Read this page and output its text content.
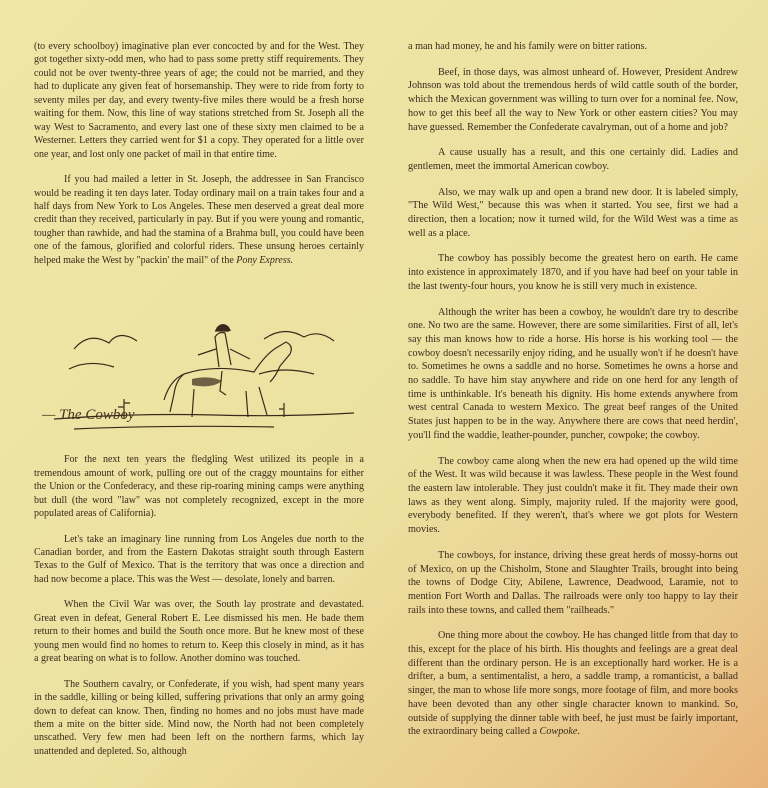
(to every schoolboy) imaginative plan ever concocted by and for the West. They got together sixty-odd men, who had to pass some pretty stiff requirements. They could not be over twenty-three years of age; the could not be married, and they had to duplicate any given feat of horsemanship. They were to ride from forty to seventy miles per day, and every twenty-five miles there would be a fresh horse waiting for them. Now, this line of way stations stretched from St. Joseph all the way West to Sacramento, and every last one of these sixty men claimed to be a Westerner. Letters they carried went for $1 a copy. They operated for a little over one year, and lost only one packet of mail in that entire time.

If you had mailed a letter in St. Joseph, the addressee in San Francisco would be reading it ten days later. Today ordinary mail on a train takes four and a half days from New York to Los Angeles. These men deserved a great deal more credit than they received, particularly in pay. But if you were young and romantic, tougher than rawhide, and had the stamina of a Brahma bull, you could have been one of the famous, glorified and colorful riders. These unsung heroes certainly helped make the West by "packin' the mail" of the Pony Express.

— The Cowboy

For the next ten years the fledgling West utilized its people in a tremendous amount of work, pulling ore out of the craggy mountains for either the Union or the Confederacy, and these rip-roaring mining camps were anything but dull (the word "law" was not completely recognized, except in the more populated areas of California).

Let's take an imaginary line running from Los Angeles due north to the Canadian border, and from the Eastern Dakotas straight south through Eastern Texas to the Gulf of Mexico. That is the territory that was once a direction and had now become a place. This was the West — desolate, lonely and barren.

When the Civil War was over, the South lay prostrate and devastated. Great even in defeat, General Robert E. Lee dismissed his men. He bade them return to their homes and build the South once more. But he knew most of these young men would find no homes to return to. Keep this closely in mind, as it has a great bearing on what is to follow. Another domino was touched.

The Southern cavalry, or Confederate, if you wish, had spent many years in the saddle, killing or being killed, suffering privations that only an army going down to defeat can know. Then, finding no homes and no jobs must have made them a mite on the bitter side. Mind now, the North had not been completely unscathed. Very few men had been left on the northern farms, which lay unattended and depleted. So, although

a man had money, he and his family were on bitter rations.

Beef, in those days, was almost unheard of. However, President Andrew Johnson was told about the tremendous herds of wild cattle south of the border, which the Mexican government was willing to turn over for a nominal fee. Now, how to get this beef all the way to New York or other eastern cities? You may have guessed. Remember the Confederate cavalryman, out of a home and job?

A cause usually has a result, and this one certainly did. Ladies and gentlemen, meet the immortal American cowboy.

Also, we may walk up and open a brand new door. It is labeled simply, "The Wild West," because this was when it started. You see, first we had a direction, then a location; now it turned wild, for the Wild West was a time as well as a place.

The cowboy has possibly become the greatest hero on earth. He came into existence in approximately 1870, and if you have had beef on your table in the last twenty-four hours, you know he is still very much in existence.

Although the writer has been a cowboy, he wouldn't dare try to describe one. No two are the same. However, there are some similarities. First of all, let's say this man knows how to ride a horse. His horse is his working tool — the cowboy doesn't necessarily enjoy riding, and he usually won't if he doesn't have to. Sometimes he owns a saddle and no horse. Sometimes he owns a horse and no saddle. To have him stay anywhere and ride on one herd for any length of time is unthinkable. It's beneath his dignity. His home extends anywhere from west central Canada to western Mexico. The great beef ranges of the United States just happen to be in the way. Anywhere there are cows that need herdin', you'll find the waddie, leather-pounder, puncher, cowpoke; the cowboy.

The cowboy came along when the new era had opened up the wild time of the West. It was wild because it was lawless. These people in the West found the eastern law intolerable. They just couldn't make it fit. They made their own laws as they went along. Simply, majority ruled. If the majority were good, everybody benefited. If they weren't, that's where we got plots for Western movies.

The cowboys, for instance, driving these great herds of mossy-horns out of Mexico, on up the Chisholm, Stone and Slaughter Trails, brought into being the towns of Dodge City, Abilene, Lawrence, Deadwood, Laramie, not to mention Fort Worth and Dallas. The railroads were only too happy to lay their rails into these towns, and called them "railheads."

One thing more about the cowboy. He has changed little from that day to this, except for the place of his birth. His thoughts and feelings are a great deal different than the ordinary person. He is an exceptionally hard worker. He is a drifter, a bum, a sentimentalist, a hero, a saddle tramp, a romanticist, a ballad singer, the man to whose life more songs, more footage of film, and more books have been devoted than any other single character known to mankind. So, outside of supplying the dinner table with beef, he just must be fairly important, the extraordinary being called a Cowpoke.
